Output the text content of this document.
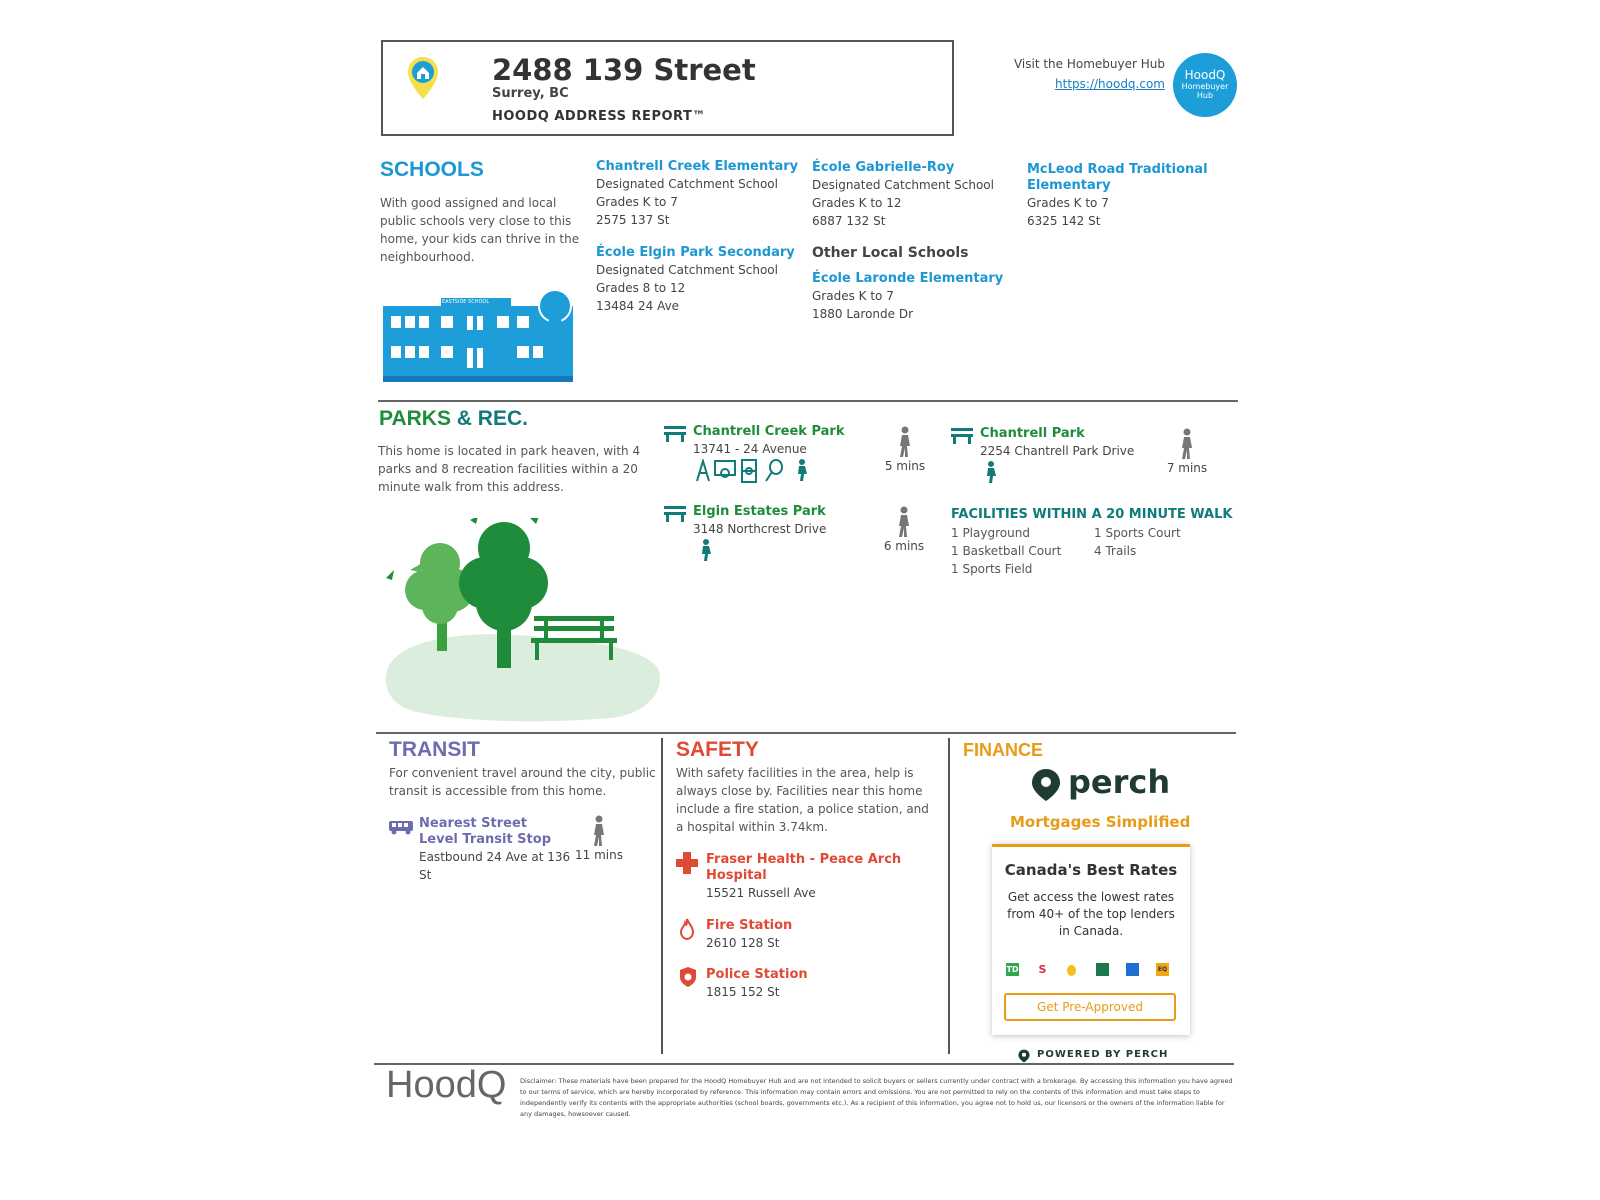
2488 139 Street
Surrey, BC
HOODQ ADDRESS REPORT™
Visit the Homebuyer Hub
https://hoodq.com
HoodQ
Homebuyer Hub
SCHOOLS
With good assigned and local public schools very close to this home, your kids can thrive in the neighbourhood.
EASTSIDE SCHOOL
Chantrell Creek Elementary
Designated Catchment School
Grades K to 7
2575 137 St
École Gabrielle-Roy
Designated Catchment School
Grades K to 12
6887 132 St
McLeod Road Traditional Elementary
Grades K to 7
6325 142 St
École Elgin Park Secondary
Designated Catchment School
Grades 8 to 12
13484 24 Ave
Other Local Schools
École Laronde Elementary
Grades K to 7
1880 Laronde Dr
PARKS & REC.
This home is located in park heaven, with 4 parks and 8 recreation facilities within a 20 minute walk from this address.
Chantrell Creek Park
13741 - 24 Avenue
5 mins
Chantrell Park
2254 Chantrell Park Drive
7 mins
Elgin Estates Park
3148 Northcrest Drive
6 mins
FACILITIES WITHIN A 20 MINUTE WALK
1 Playground	1 Sports Court
1 Basketball Court	4 Trails
1 Sports Field
TRANSIT
For convenient travel around the city, public transit is accessible from this home.
Nearest Street Level Transit Stop
Eastbound 24 Ave at 136 St
11 mins
SAFETY
With safety facilities in the area, help is always close by. Facilities near this home include a fire station, a police station, and a hospital within 3.74km.
Fraser Health - Peace Arch Hospital
15521 Russell Ave
Fire Station
2610 128 St
Police Station
1815 152 St
FINANCE
perch
Mortgages Simplified
Canada's Best Rates
Get access the lowest rates from 40+ of the top lenders in Canada.
TD S	EQ
Get Pre-Approved
POWERED BY PERCH
HoodQ Disclaimer: These materials have been prepared for the HoodQ Homebuyer Hub and are not intended to solicit buyers or sellers currently under contract with a brokerage. By accessing this information you have agreed to our terms of service, which are hereby incorporated by reference. This information may contain errors and omissions. You are not permitted to rely on the contents of this information and must take steps to independently verify its contents with the appropriate authorities (school boards, governments etc.). As a recipient of this information, you agree not to hold us, our licensors or the owners of the information liable for any damages, howsoever caused.
